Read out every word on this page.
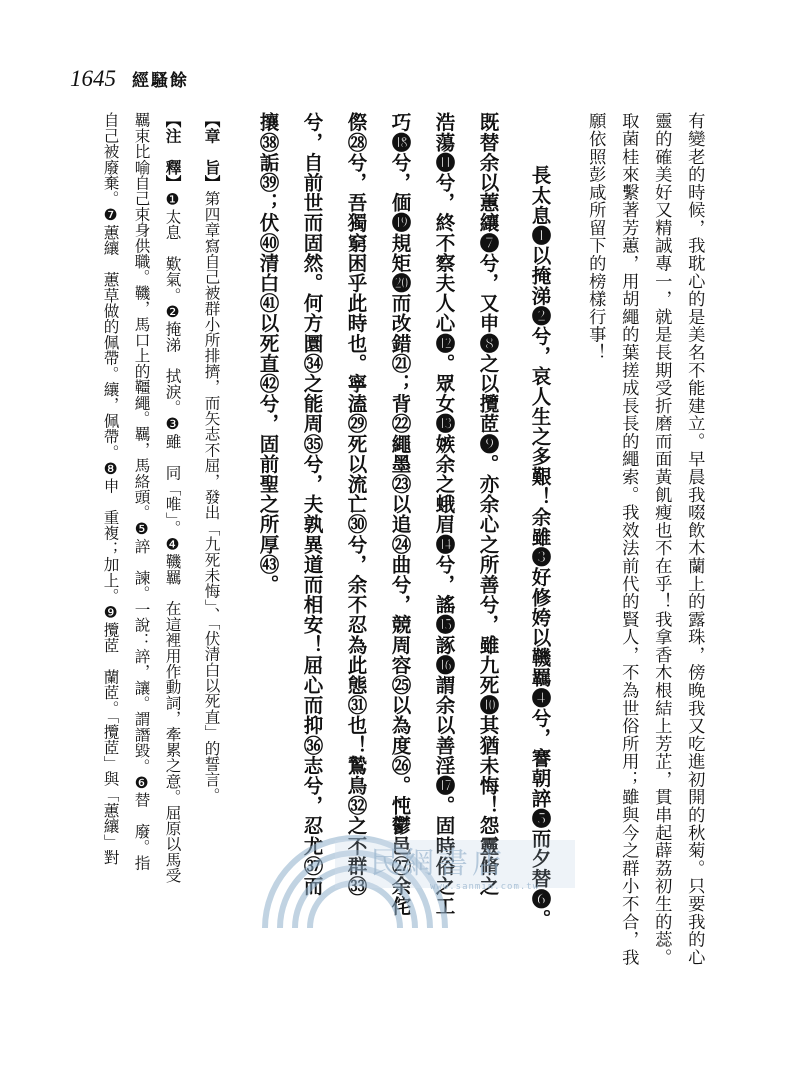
1645 經騷餘
有變老的時候，我耽心的是美名不能建立。早晨我啜飲木蘭上的露珠，傍晚我又吃進初開的秋菊。只要我的心
靈的確美好又精誠專一，就是長期受折磨而面黃飢瘦也不在乎！我拿香木根結上芳芷，貫串起薜荔初生的蕊。
取菌桂來繫著芳蕙，用胡繩的葉搓成長長的繩索。我效法前代的賢人，不為世俗所用；雖與今之群小不合，我
願依照彭咸所留下的榜樣行事！
長太息❶以掩涕❷兮，哀人生之多艱！余雖❸好修姱以鞿羈❹兮，謇朝誶❺而夕替❻。
既替余以蕙纕❼兮，又申❽之以攬茝❾。亦余心之所善兮，雖九死❿其猶未悔！怨靈脩之
浩蕩⓫兮，終不察夫人心⓬。眾女⓭嫉余之蛾眉⓮兮，謠⓯諑⓰謂余以善淫⓱。固時俗之工
巧⓲兮，偭⓳規矩⓴而改錯㉑；背㉒繩墨㉓以追㉔曲兮，競周容㉕以為度㉖。忳鬱邑㉗余侘
傺㉘兮，吾獨窮困乎此時也。寧溘㉙死以流亡㉚兮，余不忍為此態㉛也！鷙鳥㉜之不群㉝
兮，自前世而固然。何方圜㉞之能周㉟兮，夫孰異道而相安！屈心而抑㊱志兮，忍尤㊲而
攘㊳詬㊴；伏㊵清白㊶以死直㊷兮，固前聖之所厚㊸。
【章　旨】第四章寫自己被群小所排擠，而矢志不屈，發出「九死未悔」、「伏清白以死直」的誓言。
【注　釋】❶太息　歎氣。❷掩涕　拭淚。❸雖　同「唯」。❹鞿羈　在這裡用作動詞，牽累之意。屈原以馬受
羈束比喻自己束身供職。鞿，馬口上的韁繩。羈，馬絡頭。❺誶　諫。一說：誶，讓。謂譖毀。❻替　廢。指
自己被廢棄。❼蕙纕　蕙草做的佩帶。纕，佩帶。❽申　重複；加上。❾攬茝　蘭茝。「攬茝」與「蕙纕」對	民網書店
www.sanmin.com.tw
